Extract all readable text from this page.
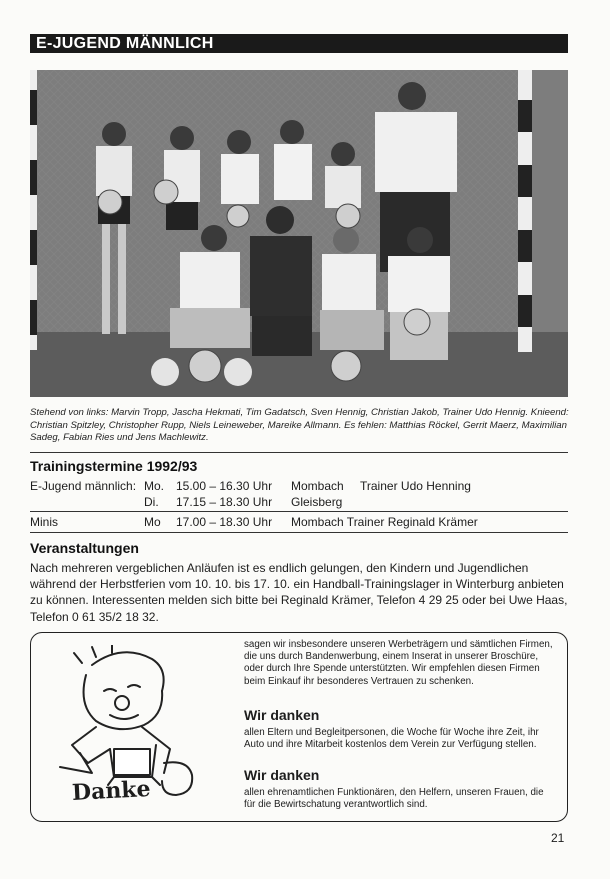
E-JUGEND MÄNNLICH
Stehend von links: Marvin Tropp, Jascha Hekmati, Tim Gadatsch, Sven Hennig, Christian Jakob, Trainer Udo Hennig. Knieend: Christian Spitzley, Christopher Rupp, Niels Leineweber, Mareike Allmann. Es fehlen: Matthias Röckel, Gerrit Maerz, Maximilian Sadeg, Fabian Ries und Jens Machlewitz.
Trainingstermine 1992/93
E-Jugend männlich: Mo. 15.00 – 16.30 Uhr Mombach Trainer Udo Henning
Di. 17.15 – 18.30 Uhr Gleisberg
Minis	Mo 17.00 – 18.30 Uhr Mombach Trainer Reginald Krämer
Veranstaltungen
Nach mehreren vergeblichen Anläufen ist es endlich gelungen, den Kindern und Jugendlichen während der Herbstferien vom 10. 10. bis 17. 10. ein Handball-Trainingslager in Winterburg anbieten zu können. Interessenten melden sich bitte bei Reginald Krämer, Telefon 4 29 25 oder bei Uwe Haas, Telefon 0 61 35/2 18 32.
Danke
sagen wir insbesondere unseren Werbeträgern und sämtlichen Firmen, die uns durch Bandenwerbung, einem Inserat in unserer Broschüre, oder durch Ihre Spende unterstützten. Wir empfehlen diesen Firmen beim Einkauf ihr besonderes Vertrauen zu schenken.
Wir danken
allen Eltern und Begleitpersonen, die Woche für Woche ihre Zeit, ihr Auto und ihre Mitarbeit kostenlos dem Verein zur Verfügung stellen.
Wir danken
allen ehrenamtlichen Funktionären, den Helfern, unseren Frauen, die für die Bewirtschatung verantwortlich sind.
21
